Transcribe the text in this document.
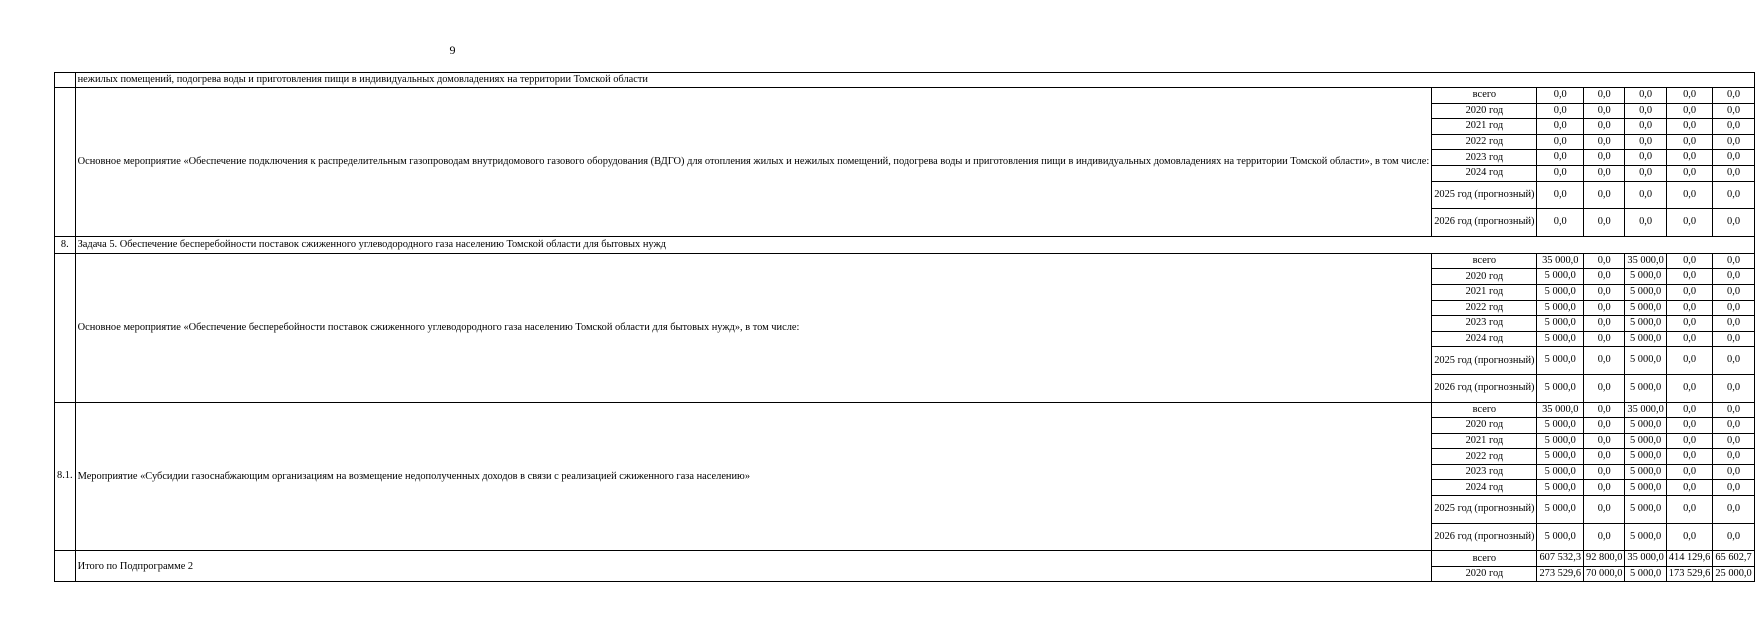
9
	нежилых помещений, подогрева воды и приготовления пищи в индивидуальных домовладениях на территории Томской области						
	Основное мероприятие «Обеспечение подключения к распределительным газопроводам внутридомового газового оборудования (ВДГО) для отопления жилых и нежилых помещений, подогрева воды и приготовления пищи в индивидуальных домовладениях на территории Томской области», в том числе:	всего	0,0	0,0	0,0	0,0	0,0
		2020 год	0,0	0,0	0,0	0,0	0,0
		2021 год	0,0	0,0	0,0	0,0	0,0
		2022 год	0,0	0,0	0,0	0,0	0,0
		2023 год	0,0	0,0	0,0	0,0	0,0
		2024 год	0,0	0,0	0,0	0,0	0,0
		2025 год (прогнозный)	0,0	0,0	0,0	0,0	0,0
		2026 год (прогнозный)	0,0	0,0	0,0	0,0	0,0
8.	Задача 5. Обеспечение бесперебойности поставок сжиженного углеводородного газа населению Томской области для бытовых нужд						
	Основное мероприятие «Обеспечение бесперебойности поставок сжиженного углеводородного газа населению Томской области для бытовых нужд», в том числе:	всего	35 000,0	0,0	35 000,0	0,0	0,0
		2020 год	5 000,0	0,0	5 000,0	0,0	0,0
		2021 год	5 000,0	0,0	5 000,0	0,0	0,0
		2022 год	5 000,0	0,0	5 000,0	0,0	0,0
		2023 год	5 000,0	0,0	5 000,0	0,0	0,0
		2024 год	5 000,0	0,0	5 000,0	0,0	0,0
		2025 год (прогнозный)	5 000,0	0,0	5 000,0	0,0	0,0
		2026 год (прогнозный)	5 000,0	0,0	5 000,0	0,0	0,0
8.1.	Мероприятие «Субсидии газоснабжающим организациям на возмещение недополученных доходов в связи с реализацией сжиженного газа населению»	всего	35 000,0	0,0	35 000,0	0,0	0,0
		2020 год	5 000,0	0,0	5 000,0	0,0	0,0
		2021 год	5 000,0	0,0	5 000,0	0,0	0,0
		2022 год	5 000,0	0,0	5 000,0	0,0	0,0
		2023 год	5 000,0	0,0	5 000,0	0,0	0,0
		2024 год	5 000,0	0,0	5 000,0	0,0	0,0
		2025 год (прогнозный)	5 000,0	0,0	5 000,0	0,0	0,0
		2026 год (прогнозный)	5 000,0	0,0	5 000,0	0,0	0,0
	Итого по Подпрограмме 2	всего	607 532,3	92 800,0	35 000,0	414 129,6	65 602,7
		2020 год	273 529,6	70 000,0	5 000,0	173 529,6	25 000,0
